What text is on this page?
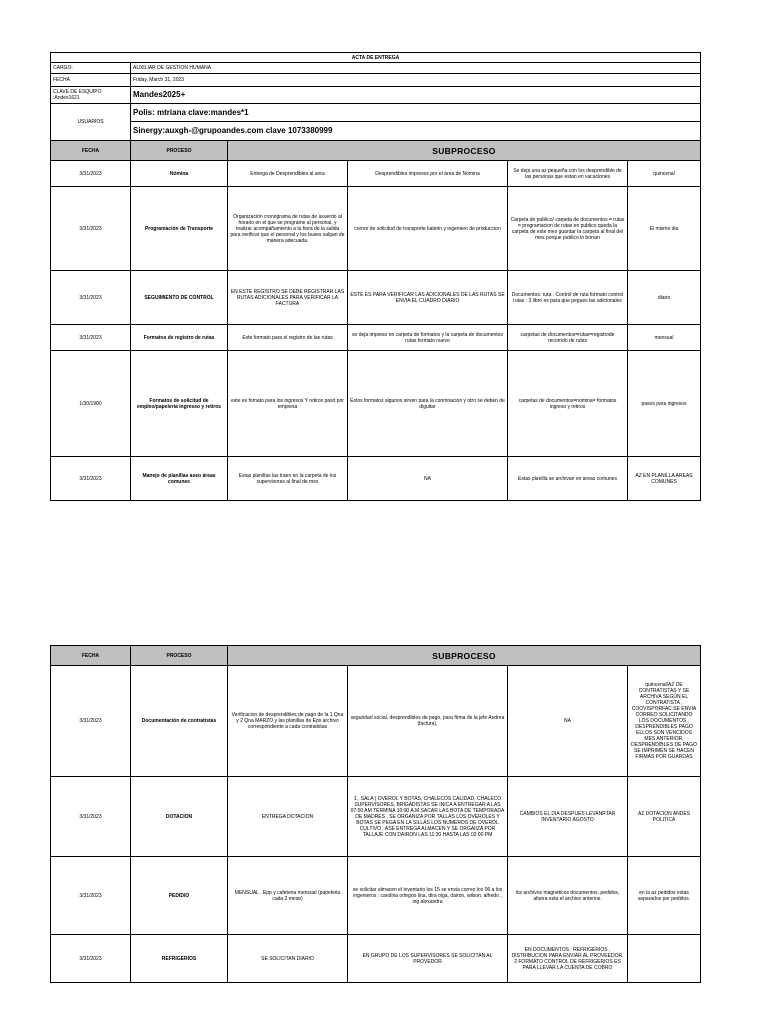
ACTA DE ENTREGA					
CARGO:	AUXILIAR DE GESTION HUMANA				
FECHA	Friday, March 31, 2023				
CLAVE DE ESQUIPO :Andes1621	Mandes2025+				
USUARIOS	Polis: mtriana clave:mandes*1				
	Sinergy:auxgh-@grupoandes.com clave 1073380999				
FECHA	PROCESO	SUBPROCESO			
3/31/2023	Nómina	Entrega de Desprendibles al area	Desprendibles impresos por el área de Nómina	Se deja una az pequeña con los desprendible de las personas que estan en vacaciones	quincenal
3/31/2023	Programación de Transporte	Organización cronograma de rutas de asuerdo al horario en el que se programe al personal, y realizar acompañamiento a la hora de la salida para verificar que el personal y los buses salgan de manera adecuada.	correo de solicitud de transporte katerin y ingeniero de produccion	Carpeta de publico/ carpeta de documentos = rutas = programacion de rutas en publico queda la carpeta de este mes guardar la carpeta al final del mes porque publico lo borran	El mismo dia
3/31/2023	SEGUIMIENTO DE CONTROL	EN ESTE REGISTRO SE DEBE REGISTRAR LAS RUTAS ADICIONALES PARA VERIFICAR LA FACTURA	ESTE ES PARA VERIFICAR LAS ADICIONALES DE LAS RUTAS SE ENVIA EL CUADRO DIARIO	Documentos: ruta : Control de ruta formato control rutas : 3 libro es para que pegues las adicionales	diario
3/31/2023	Formatos de registro de rutas	Este formato para el registro de las rutas	se deja impreso en carpeta de formatos y la carpeta de documentos rutas formato nuevo	carpetas de documentos=rutas=registrode recorrido de rutas	mensual
1/30/1900	Formatos de solicitud de empleo/papeleria ingresso y retiros	este es fomato para los ingresos Y retiros pasó por empresa	Estos formatos algunos sirven para la conmnacion y otro se deben de diguitar	carpetas de documentos=nomina= formatos ingreso y retiros	pasos para ingresos
3/31/2023	Manejo de planillas aseo áreas comunes	Estas planillas las traen en la carpeta de los supervisores al final de mes	NA	Estas planilla se archivan en areas comunes	AZ EN PLANILLA AREAS COMUNES
FECHA	PROCESO	SUBPROCESO			
3/31/2023	Documentación de contratistas	Verificacion de desprendibles de pago de la 1 Qna y 2 Qna MARZO y las planillas de Eps archivo correspondiente a cada contratistas	seguridad social, desprendibles de pago, para firma de la jefe Andrea (factura),	NA	quincenal/AZ DE CONTRATISTAS Y SE ARCHIVA SEGÚN EL CONTRATISTA , COOVISPORFAC SE ENVIA CORREO SOLICITANDO LOS DOCUMENTOS , DESPRENDIBLES PAGO ELLOS SON VENCIDOS MES ANTERIOR, DESPRENDIBLES DE PAGO SE IMPRIMEN SE HACEN FIRMAS POR GUARDAS
3/31/2023	DOTACION	ENTREGA DOTACION	1 , SALA ( OVEROL Y BOTAS, CHALECOS CALIDAD, CHALECO SUPERVISORES, BRIGADISTAS SE INICA A ENTREGAR A LAS 07:00 AM TERMINA 10:00 A.M SACAR LAS BOTA DE TEMPORADA DE MADRES , SE ORGANIZA POR TALLAS LOS OVEROLES Y BOTAS SE PEGA EN LA SILLAS LOS NUMEROS DE OVEROL CULTIVO : ASE ENTREGA ALMACEN Y SE ORGAIIZA POR TALLAJE CON DAIRON LAS 11:30 HASTA LAS 02:00 PM	CAMBIOS EL DIA DESPUES LEVANRTAR INVENTARIO AGOSTO	AZ DOTACION ANDES POLITICA
3/31/2023	PEDIDIO	MENSUAL . Epp y cafeteria mensual (papeleria cada 2 mese)	se solicitar almacen el inventario los 15 se envia correo los 06 a los ingenieros : carolina ortegoo lina, dira olga, dairon, wilson, alfredo , ing alexandra	los archivos magneticos documentos, pedidos, afuera esta el archivo anterios.	en la az pedidos estas separados por pedidos.
3/31/2023	REFRIGERIOS	SE SOLICITAN DIARIO	EN GRUPO DE LOS SUPERVISORES SE SOLICITAN AL PROVEDOR	EN DOCUMENTOS : REFRIGERIOS , DISTRIBUCION PARA ENVIAR AL PROVEEDOR, 2 FORMATO CONTROL DE REFRIGERIOS ES PARA LLEVAR LA CUENTA DE COBRO	
